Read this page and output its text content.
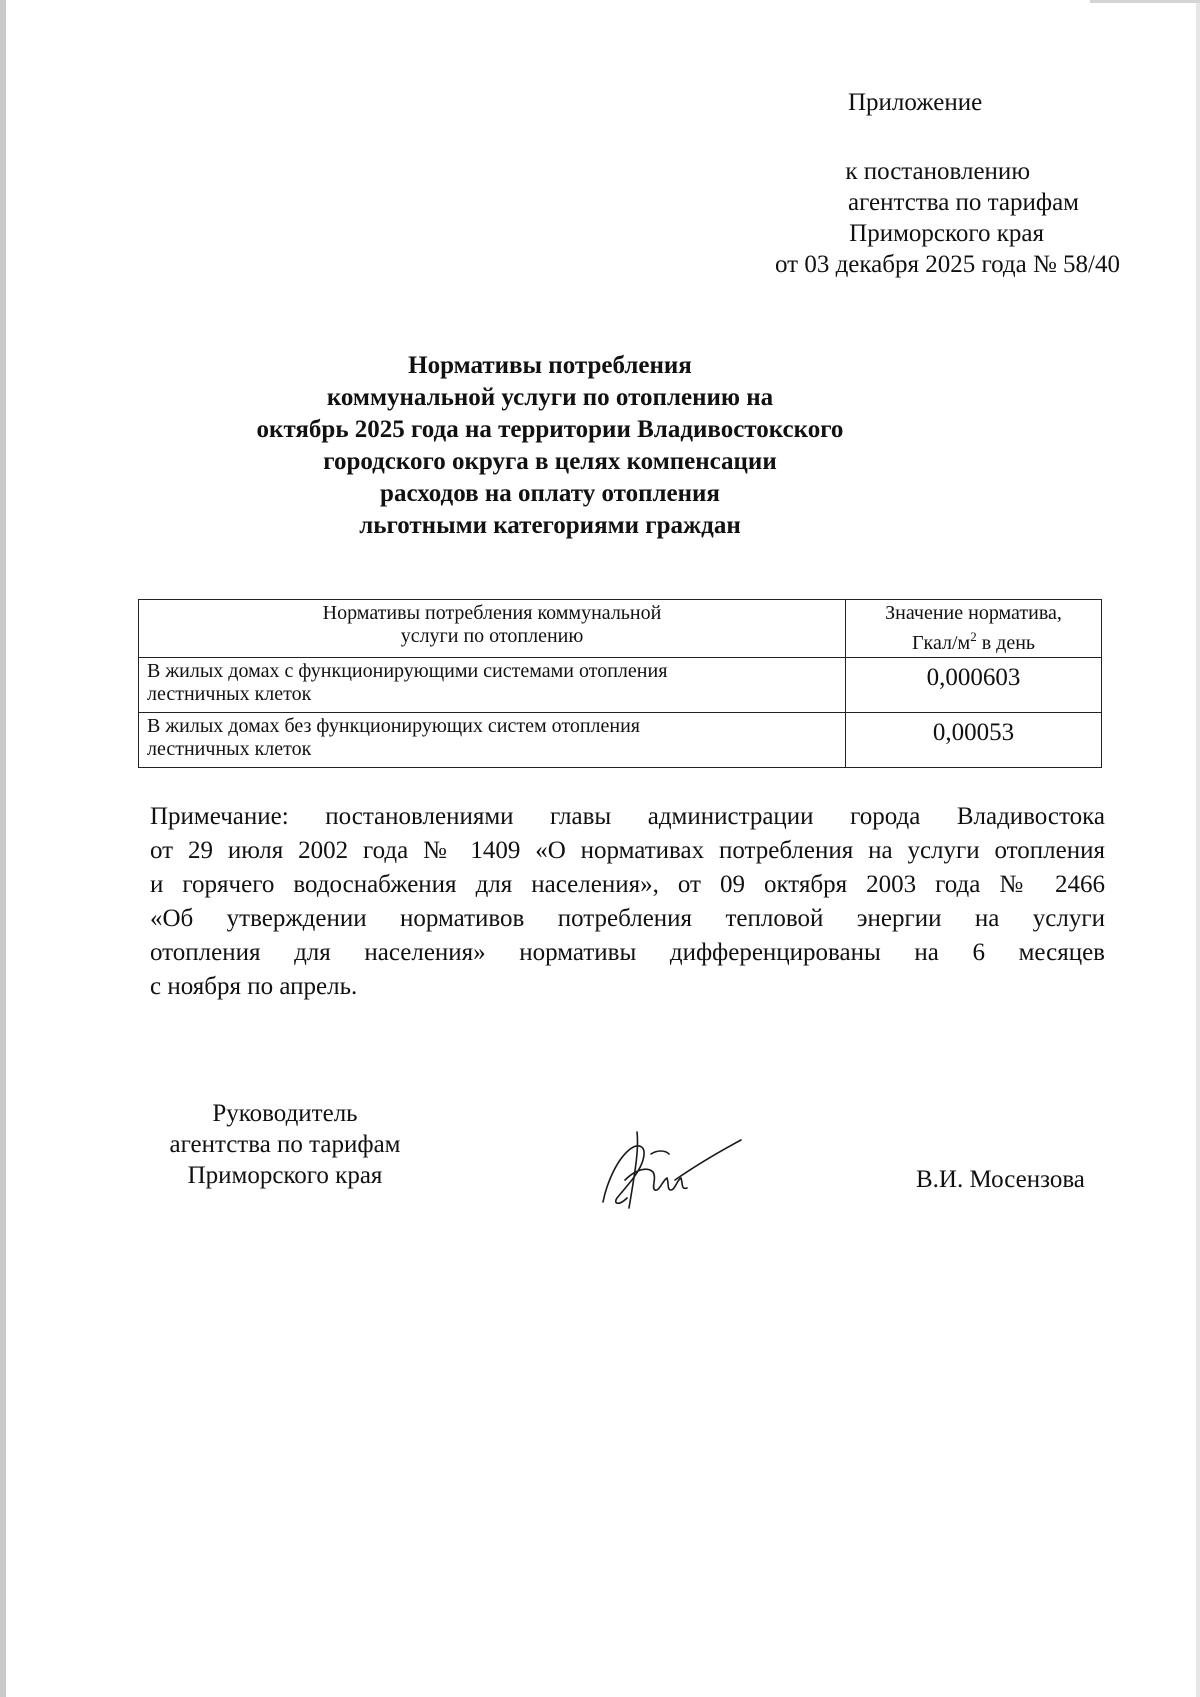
Приложение
к постановлению
агентства по тарифам
Приморского края
от 03 декабря 2025 года № 58/40
Нормативы потребления
коммунальной услуги по отоплению на
октябрь 2025 года на территории Владивостокского
городского округа в целях компенсации
расходов на оплату отопления
льготными категориями граждан
Нормативы потребления коммунальной
услуги по отоплению	Значение норматива,
Гкал/$м^2$ в день

В жилых домах с функционирующими системами отопления
лестничных клеток	0,000603

В жилых домах без функционирующих систем отопления
лестничных клеток	0,00053
Примечание: постановлениями главы администрации города Владивостока
от 29 июля 2002 года № 1409 «О нормативах потребления на услуги отопления
и горячего водоснабжения для населения», от 09 октября 2003 года № 2466
«Об утверждении нормативов потребления тепловой энергии на услуги
отопления для населения» нормативы дифференцированы на 6 месяцев
с ноября по апрель.
Руководитель
агентства по тарифам
Приморского края	В.И. Мосензова
